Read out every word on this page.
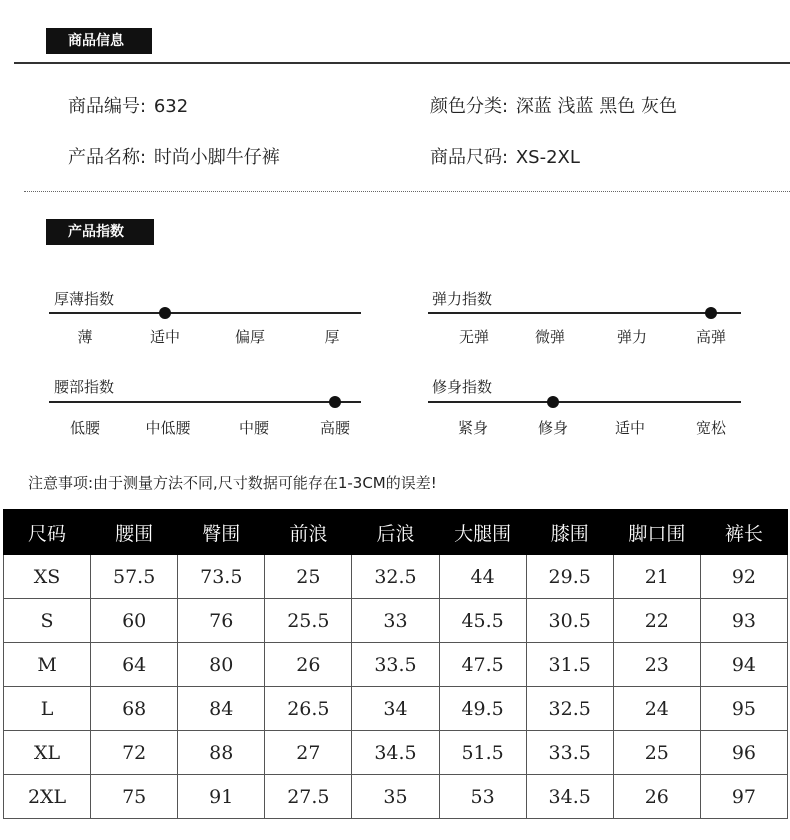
商品信息
商品编号: 632	颜色分类: 深蓝 浅蓝 黑色 灰色
产品名称: 时尚小脚牛仔裤	商品尺码: XS-2XL
产品指数
厚薄指数
薄	适中	偏厚	厚
弹力指数
无弹	微弹	弹力	高弹
腰部指数
低腰	中低腰	中腰	高腰
修身指数
紧身	修身	适中	宽松
注意事项:由于测量方法不同,尺寸数据可能存在1-3CM的误差!
尺码	腰围	臀围	前浪	后浪	大腿围	膝围	脚口围	裤长
XS	57.5	73.5	25	32.5	44	29.5	21	92
S	60	76	25.5	33	45.5	30.5	22	93
M	64	80	26	33.5	47.5	31.5	23	94
L	68	84	26.5	34	49.5	32.5	24	95
XL	72	88	27	34.5	51.5	33.5	25	96
2XL	75	91	27.5	35	53	34.5	26	97
